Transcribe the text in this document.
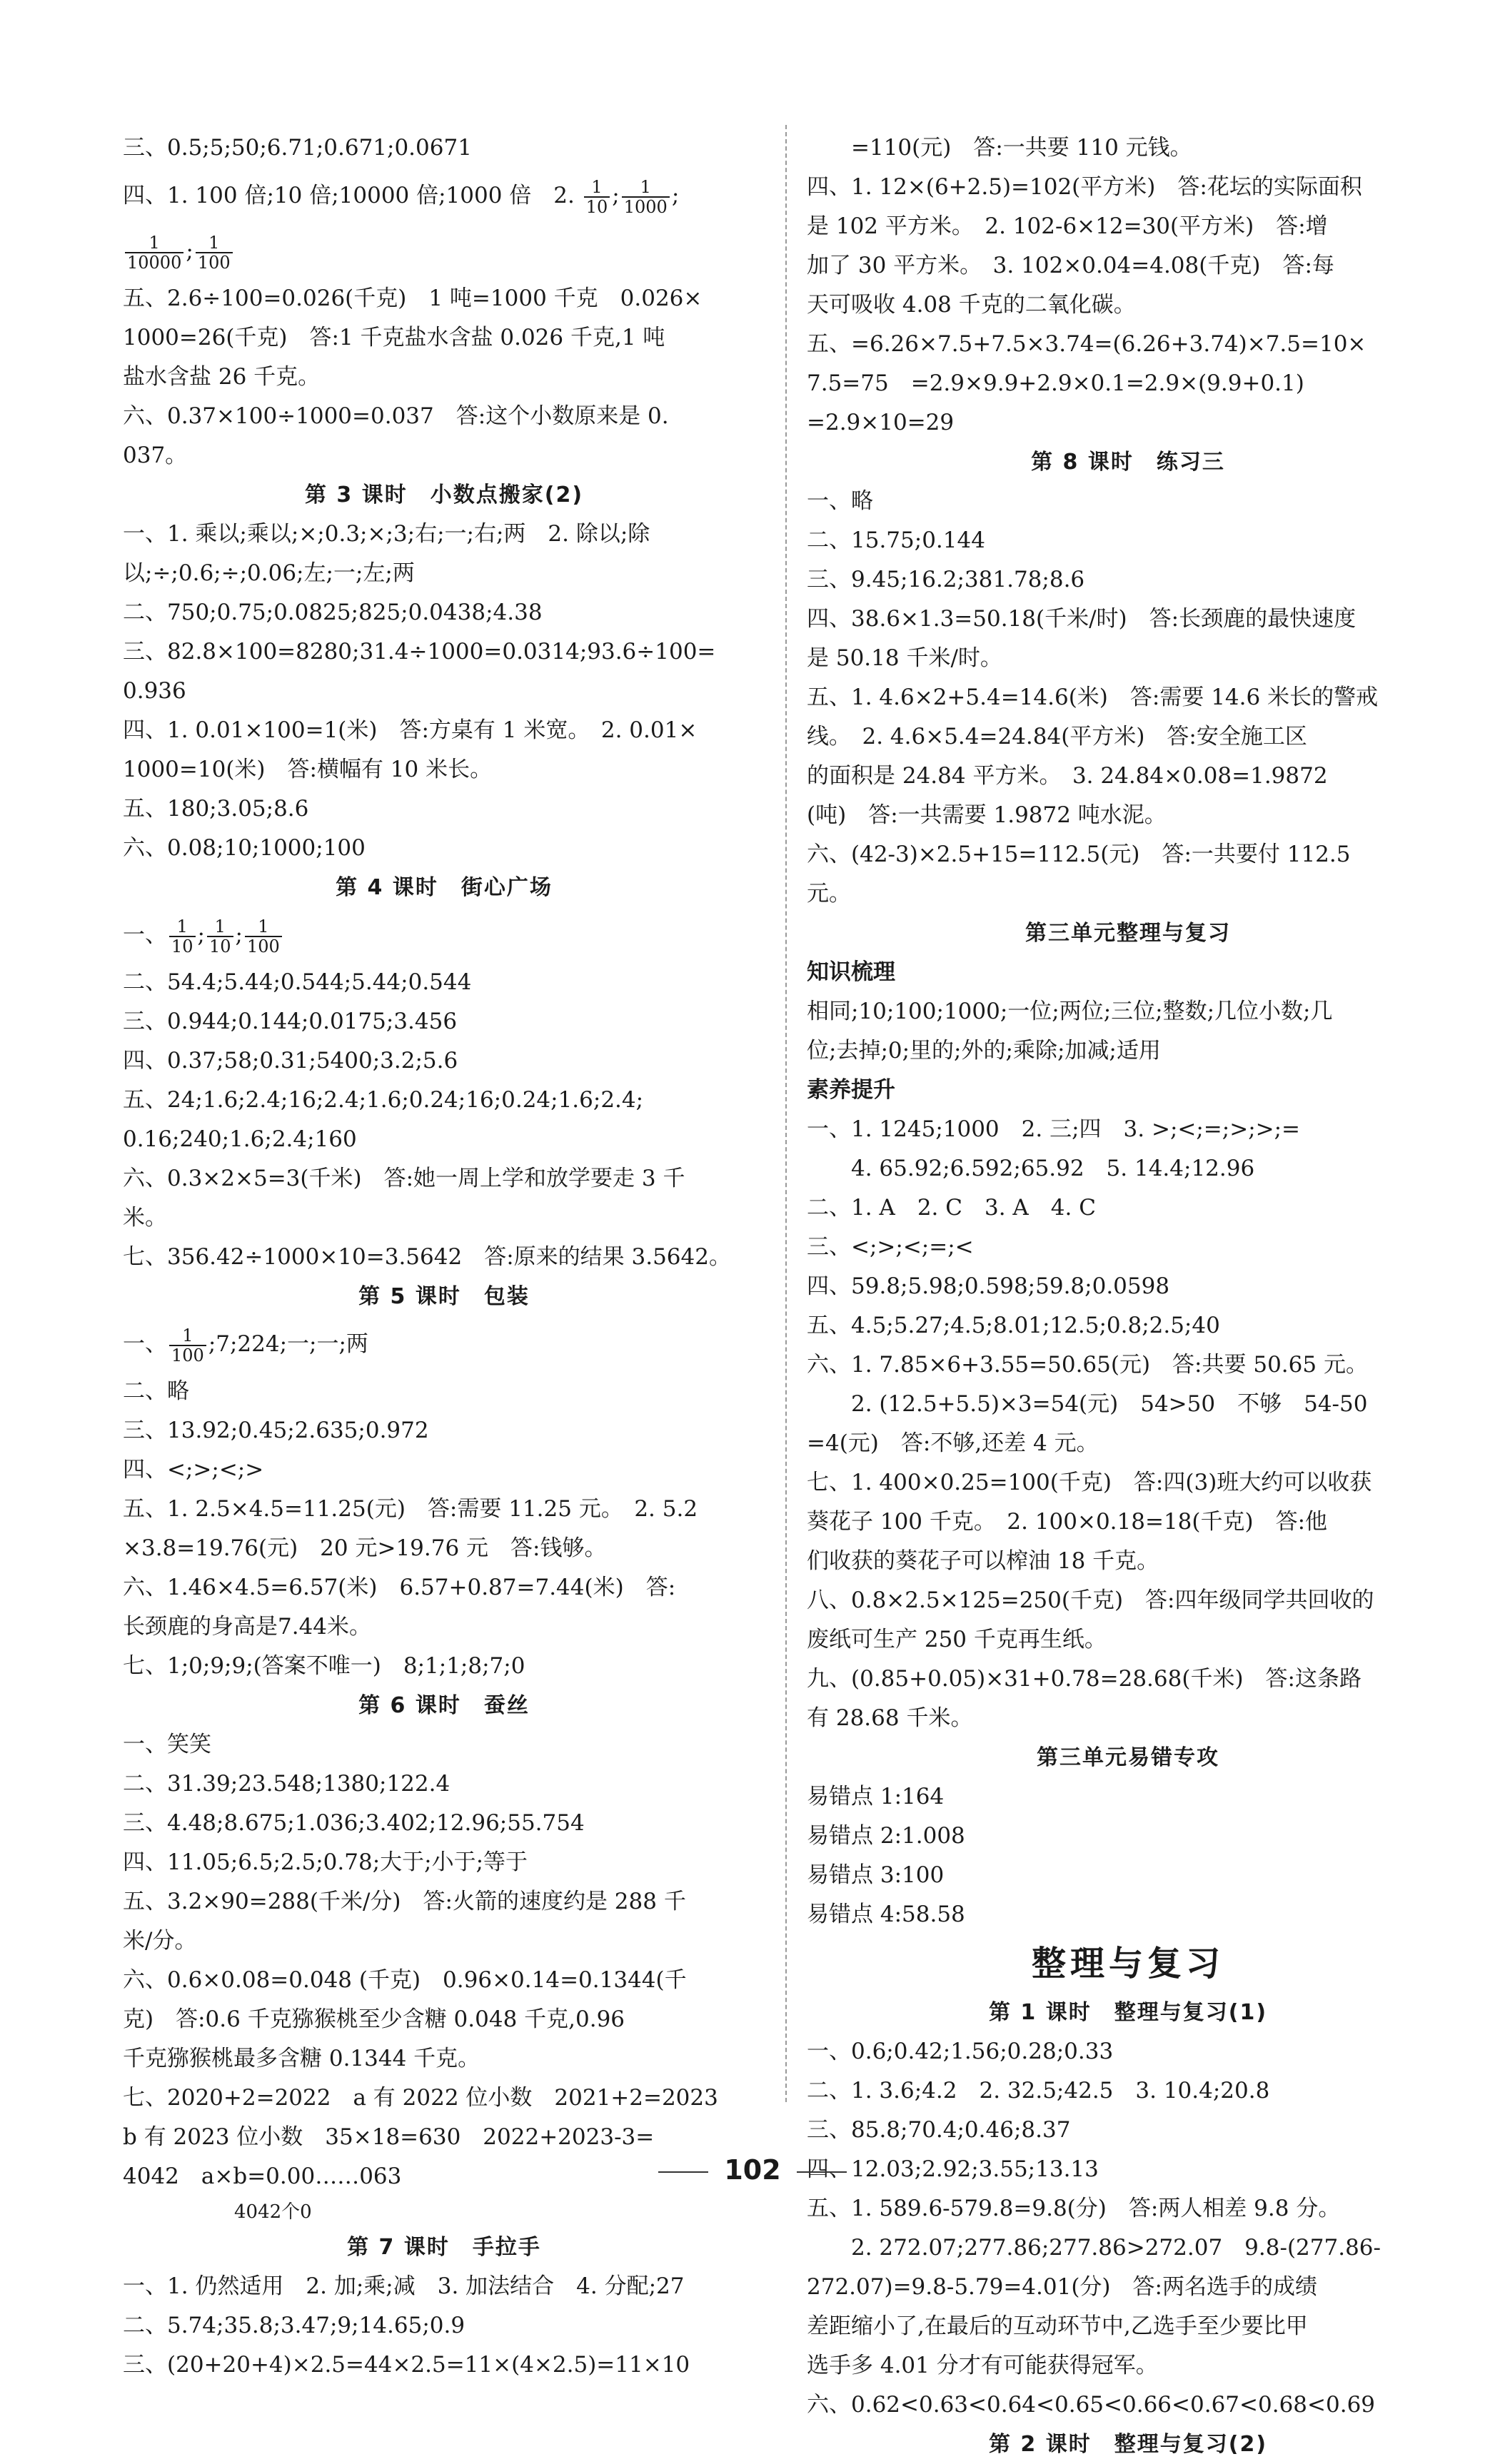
三、0.5;5;50;6.71;0.671;0.0671
四、1. 100 倍;10 倍;10000 倍;1000 倍　2. $\frac{1}{10}$ ; $\frac{1}{1000}$ ;
$\frac{1}{10000}$ ; $\frac{1}{100}$
五、2.6÷100=0.026(千克)　1 吨=1000 千克　0.026×
1000=26(千克)　答:1 千克盐水含盐 0.026 千克,1 吨
盐水含盐 26 千克。
六、0.37×100÷1000=0.037　答:这个小数原来是 0.
037。
第 3 课时　小数点搬家(2)
一、1. 乘以;乘以;×;0.3;×;3;右;一;右;两　2. 除以;除
以;÷;0.6;÷;0.06;左;一;左;两
二、750;0.75;0.0825;825;0.0438;4.38
三、82.8×100=8280;31.4÷1000=0.0314;93.6÷100=
0.936
四、1. 0.01×100=1(米)　答:方桌有 1 米宽。　2. 0.01×
1000=10(米)　答:横幅有 10 米长。
五、180;3.05;8.6
六、0.08;10;1000;100
第 4 课时　街心广场
一、 $\frac{1}{10}$ ; $\frac{1}{10}$ ; $\frac{1}{100}$
二、54.4;5.44;0.544;5.44;0.544
三、0.944;0.144;0.0175;3.456
四、0.37;58;0.31;5400;3.2;5.6
五、24;1.6;2.4;16;2.4;1.6;0.24;16;0.24;1.6;2.4;
0.16;240;1.6;2.4;160
六、0.3×2×5=3(千米)　答:她一周上学和放学要走 3 千
米。
七、356.42÷1000×10=3.5642　答:原来的结果 3.5642。
第 5 课时　包装
一、 $\frac{1}{100}$ ;7;224;一;一;两
二、略
三、13.92;0.45;2.635;0.972
四、<;>;<;>
五、1. 2.5×4.5=11.25(元)　答:需要 11.25 元。　2. 5.2
×3.8=19.76(元)　20 元>19.76 元　答:钱够。
六、1.46×4.5=6.57(米)　6.57+0.87=7.44(米)　答:
长颈鹿的身高是7.44米。
七、1;0;9;9;(答案不唯一)　8;1;1;8;7;0
第 6 课时　蚕丝
一、笑笑
二、31.39;23.548;1380;122.4
三、4.48;8.675;1.036;3.402;12.96;55.754
四、11.05;6.5;2.5;0.78;大于;小于;等于
五、3.2×90=288(千米/分)　答:火箭的速度约是 288 千
米/分。
六、0.6×0.08=0.048 (千克)　0.96×0.14=0.1344(千
克)　答:0.6 千克猕猴桃至少含糖 0.048 千克,0.96
千克猕猴桃最多含糖 0.1344 千克。
七、2020+2=2022　a 有 2022 位小数　2021+2=2023
b 有 2023 位小数　35×18=630　2022+2023-3=
4042　a×b=0.00……063
　　　　　　4042个0
第 7 课时　手拉手
一、1. 仍然适用　2. 加;乘;减　3. 加法结合　4. 分配;27
二、5.74;35.8;3.47;9;14.65;0.9
三、(20+20+4)×2.5=44×2.5=11×(4×2.5)=11×10
=110(元)　答:一共要 110 元钱。
四、1. 12×(6+2.5)=102(平方米)　答:花坛的实际面积
是 102 平方米。　2. 102-6×12=30(平方米)　答:增
加了 30 平方米。　3. 102×0.04=4.08(千克)　答:每
天可吸收 4.08 千克的二氧化碳。
五、=6.26×7.5+7.5×3.74=(6.26+3.74)×7.5=10×
7.5=75　=2.9×9.9+2.9×0.1=2.9×(9.9+0.1)
=2.9×10=29
第 8 课时　练习三
一、略
二、15.75;0.144
三、9.45;16.2;381.78;8.6
四、38.6×1.3=50.18(千米/时)　答:长颈鹿的最快速度
是 50.18 千米/时。
五、1. 4.6×2+5.4=14.6(米)　答:需要 14.6 米长的警戒
线。　2. 4.6×5.4=24.84(平方米)　答:安全施工区
的面积是 24.84 平方米。　3. 24.84×0.08=1.9872
(吨)　答:一共需要 1.9872 吨水泥。
六、(42-3)×2.5+15=112.5(元)　答:一共要付 112.5
元。
第三单元整理与复习
知识梳理
相同;10;100;1000;一位;两位;三位;整数;几位小数;几
位;去掉;0;里的;外的;乘除;加减;适用
素养提升
一、1. 1245;1000　2. 三;四　3. >;<;=;>;>;=
4. 65.92;6.592;65.92　5. 14.4;12.96
二、1. A　2. C　3. A　4. C
三、<;>;<;=;<
四、59.8;5.98;0.598;59.8;0.0598
五、4.5;5.27;4.5;8.01;12.5;0.8;2.5;40
六、1. 7.85×6+3.55=50.65(元)　答:共要 50.65 元。
2. (12.5+5.5)×3=54(元)　54>50　不够　54-50
=4(元)　答:不够,还差 4 元。
七、1. 400×0.25=100(千克)　答:四(3)班大约可以收获
葵花子 100 千克。　2. 100×0.18=18(千克)　答:他
们收获的葵花子可以榨油 18 千克。
八、0.8×2.5×125=250(千克)　答:四年级同学共回收的
废纸可生产 250 千克再生纸。
九、(0.85+0.05)×31+0.78=28.68(千米)　答:这条路
有 28.68 千米。
第三单元易错专攻
易错点 1:164
易错点 2:1.008
易错点 3:100
易错点 4:58.58
整理与复习
第 1 课时　整理与复习(1)
一、0.6;0.42;1.56;0.28;0.33
二、1. 3.6;4.2　2. 32.5;42.5　3. 10.4;20.8
三、85.8;70.4;0.46;8.37
四、12.03;2.92;3.55;13.13
五、1. 589.6-579.8=9.8(分)　答:两人相差 9.8 分。
2. 272.07;277.86;277.86>272.07　9.8-(277.86-
272.07)=9.8-5.79=4.01(分)　答:两名选手的成绩
差距缩小了,在最后的互动环节中,乙选手至少要比甲
选手多 4.01 分才有可能获得冠军。
六、0.62<0.63<0.64<0.65<0.66<0.67<0.68<0.69
第 2 课时　整理与复习(2)
102
